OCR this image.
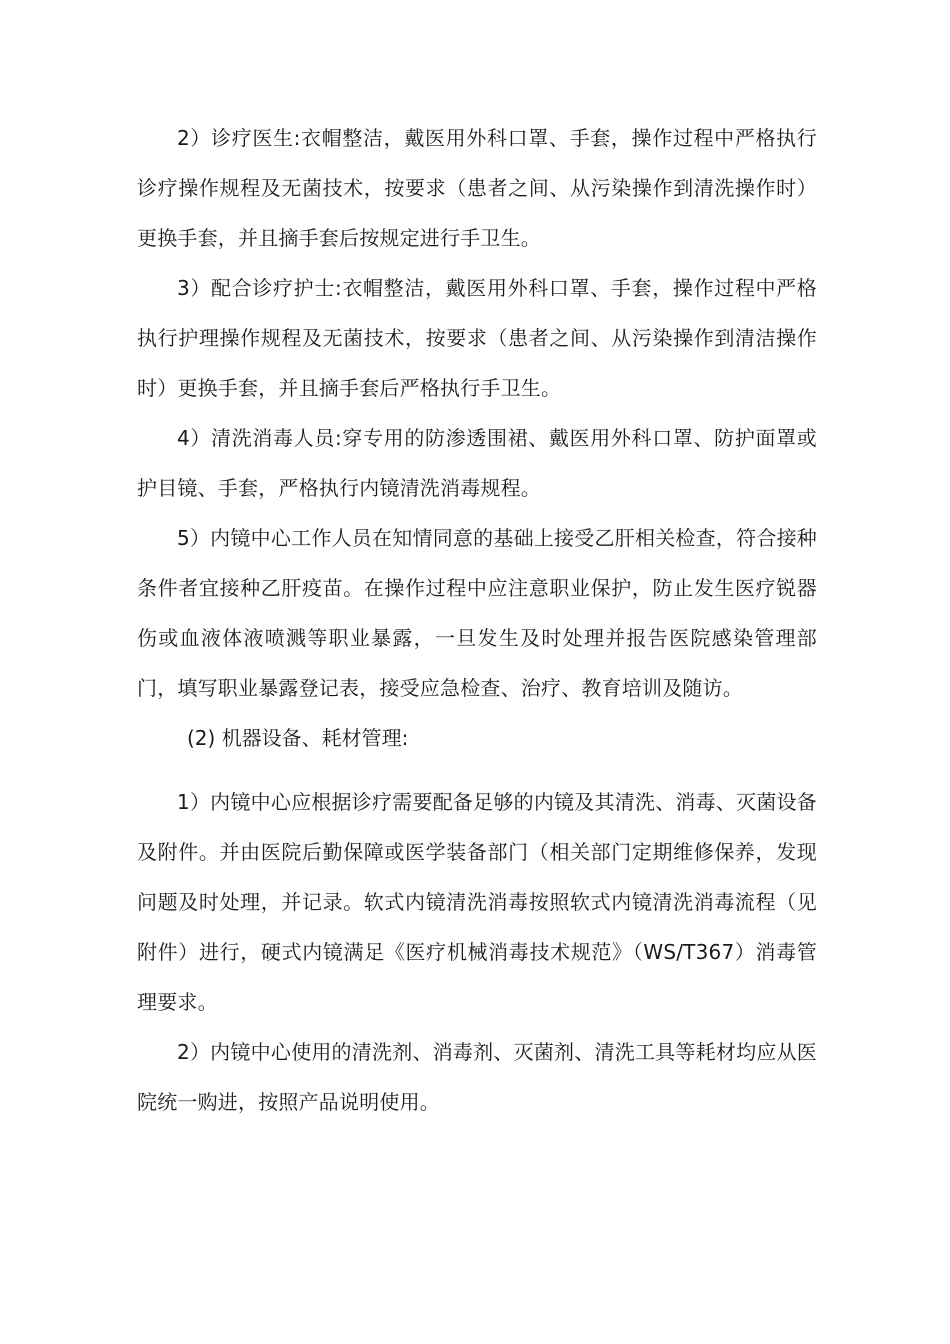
2）诊疗医生:衣帽整洁，戴医用外科口罩、手套，操作过程中严格执行诊疗操作规程及无菌技术，按要求（患者之间、从污染操作到清洗操作时）更换手套，并且摘手套后按规定进行手卫生。

3）配合诊疗护士:衣帽整洁，戴医用外科口罩、手套，操作过程中严格执行护理操作规程及无菌技术，按要求（患者之间、从污染操作到清洁操作时）更换手套，并且摘手套后严格执行手卫生。

4）清洗消毒人员:穿专用的防渗透围裙、戴医用外科口罩、防护面罩或护目镜、手套，严格执行内镜清洗消毒规程。

5）内镜中心工作人员在知情同意的基础上接受乙肝相关检查，符合接种条件者宜接种乙肝疫苗。在操作过程中应注意职业保护，防止发生医疗锐器伤或血液体液喷溅等职业暴露，一旦发生及时处理并报告医院感染管理部门，填写职业暴露登记表，接受应急检查、治疗、教育培训及随访。

(2) 机器设备、耗材管理:

1）内镜中心应根据诊疗需要配备足够的内镜及其清洗、消毒、灭菌设备及附件。并由医院后勤保障或医学装备部门（相关部门定期维修保养，发现问题及时处理，并记录。软式内镜清洗消毒按照软式内镜清洗消毒流程（见附件）进行，硬式内镜满足《医疗机械消毒技术规范》（WS/T367）消毒管理要求。

2）内镜中心使用的清洗剂、消毒剂、灭菌剂、清洗工具等耗材均应从医院统一购进，按照产品说明使用。
